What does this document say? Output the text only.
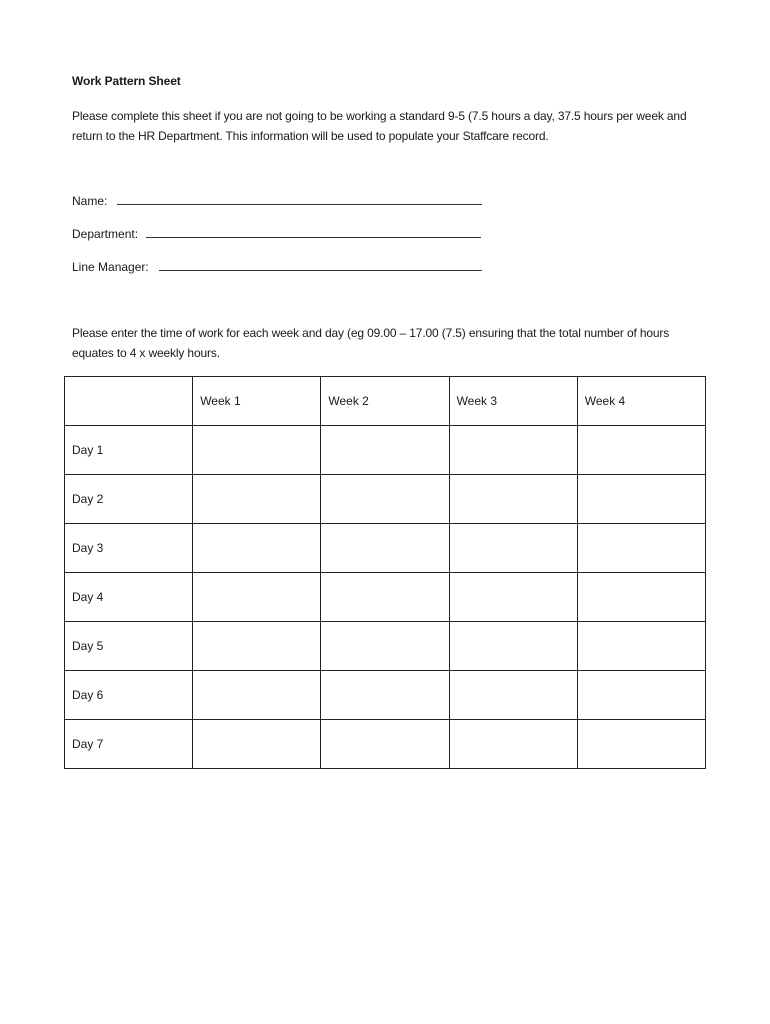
Work Pattern Sheet
Please complete this sheet if you are not going to be working a standard 9-5 (7.5 hours a day, 37.5 hours per week and return to the HR Department. This information will be used to populate your Staffcare record.
Name:
Department:
Line Manager:
Please enter the time of work for each week and day (eg 09.00 – 17.00 (7.5) ensuring that the total number of hours equates to 4 x weekly hours.
	Week 1	Week 2	Week 3	Week 4
Day 1				
Day 2				
Day 3				
Day 4				
Day 5				
Day 6				
Day 7				
